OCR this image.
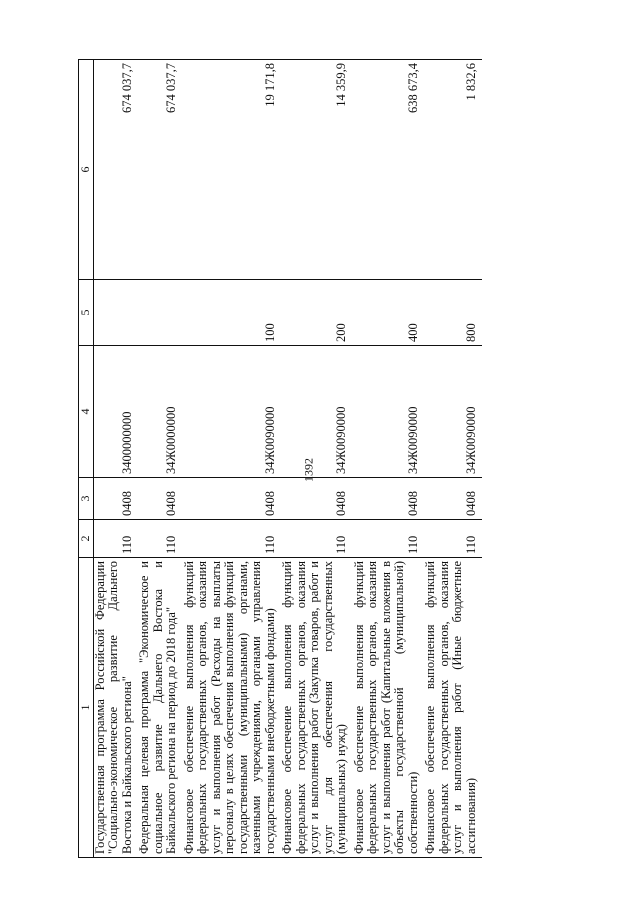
1392
1	2	3	4	5	6
Государственная программа Российской Федерации "Социально-экономическое развитие Дальнего Востока и Байкальского региона"	110	0408	3400000000		674 037,7
Федеральная целевая программа "Экономическое и социальное развитие Дальнего Востока и Байкальского региона на период до 2018 года"	110	0408	34Ж0000000		674 037,7
Финансовое обеспечение выполнения функций федеральных государственных органов, оказания услуг и выполнения работ (Расходы на выплаты персоналу в целях обеспечения выполнения функций государственными (муниципальными) органами, казенными учреждениями, органами управления государственными внебюджетными фондами)	110	0408	34Ж0090000	100	19 171,8
Финансовое обеспечение выполнения функций федеральных государственных органов, оказания услуг и выполнения работ (Закупка товаров, работ и услуг для обеспечения государственных (муниципальных) нужд)	110	0408	34Ж0090000	200	14 359,9
Финансовое обеспечение выполнения функций федеральных государственных органов, оказания услуг и выполнения работ (Капитальные вложения в объекты государственной (муниципальной) собственности)	110	0408	34Ж0090000	400	638 673,4
Финансовое обеспечение выполнения функций федеральных государственных органов, оказания услуг и выполнения работ (Иные бюджетные ассигнования)	110	0408	34Ж0090000	800	1 832,6
